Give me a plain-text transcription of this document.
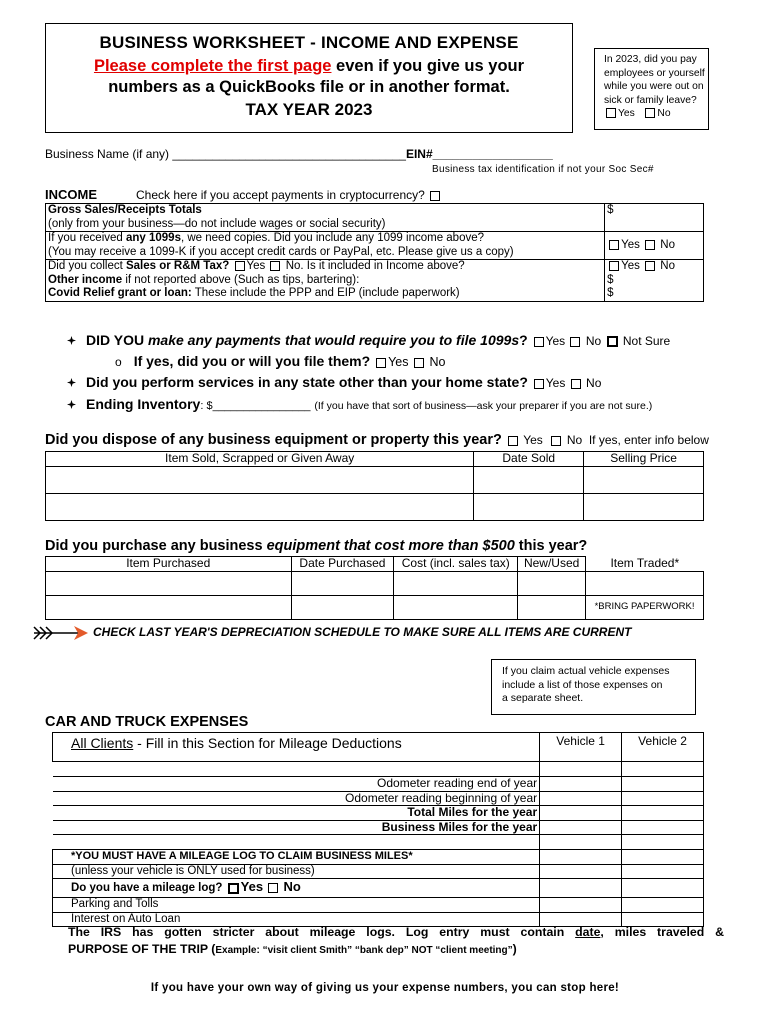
BUSINESS WORKSHEET - INCOME AND EXPENSE
Please complete the first page even if you give us your
numbers as a QuickBooks file or in another format.
TAX YEAR 2023
In 2023, did you pay
employees or yourself
while you were out on
sick or family leave?
Yes No
Business Name (if any) ___________________________________EIN#__________________
Business tax identification if not your Soc Sec#
INCOME	Check here if you accept payments in cryptocurrency?
Gross Sales/Receipts Totals
(only from your business—do not include wages or social security)	$
If you received any 1099s, we need copies. Did you include any 1099 income above?
(You may receive a 1099-K if you accept credit cards or PayPal, etc. Please give us a copy)	Yes No
Did you collect Sales or R&M Tax? Yes No. Is it included in Income above?	Yes No
Other income if not reported above (Such as tips, bartering):	$
Covid Relief grant or loan: These include the PPP and EIP (include paperwork)	$
DID YOU make any payments that would require you to file 1099s? Yes No Not Sure
o If yes, did you or will you file them? Yes No
Did you perform services in any state other than your home state? Yes No
Ending Inventory: $________________ (If you have that sort of business—ask your preparer if you are not sure.)
Did you dispose of any business equipment or property this year? Yes No If yes, enter info below
Item Sold, Scrapped or Given Away	Date Sold	Selling Price

Did you purchase any business equipment that cost more than $500 this year?
Item Purchased	Date Purchased	Cost (incl. sales tax)	New/Used	Item Traded*

				*BRING PAPERWORK!
CHECK LAST YEAR'S DEPRECIATION SCHEDULE TO MAKE SURE ALL ITEMS ARE CURRENT
If you claim actual vehicle expenses
include a list of those expenses on
a separate sheet.
CAR AND TRUCK EXPENSES
All Clients - Fill in this Section for Mileage Deductions	Vehicle 1	Vehicle 2

Odometer reading end of year		
Odometer reading beginning of year		
Total Miles for the year		
Business Miles for the year		

*YOU MUST HAVE A MILEAGE LOG TO CLAIM BUSINESS MILES*		
(unless your vehicle is ONLY used for business)		
Do you have a mileage log? Yes No		
Parking and Tolls		
Interest on Auto Loan		
The IRS has gotten stricter about mileage logs. Log entry must contain date, miles traveled &
PURPOSE OF THE TRIP (Example: “visit client Smith” “bank dep” NOT “client meeting”)
If you have your own way of giving us your expense numbers, you can stop here!
